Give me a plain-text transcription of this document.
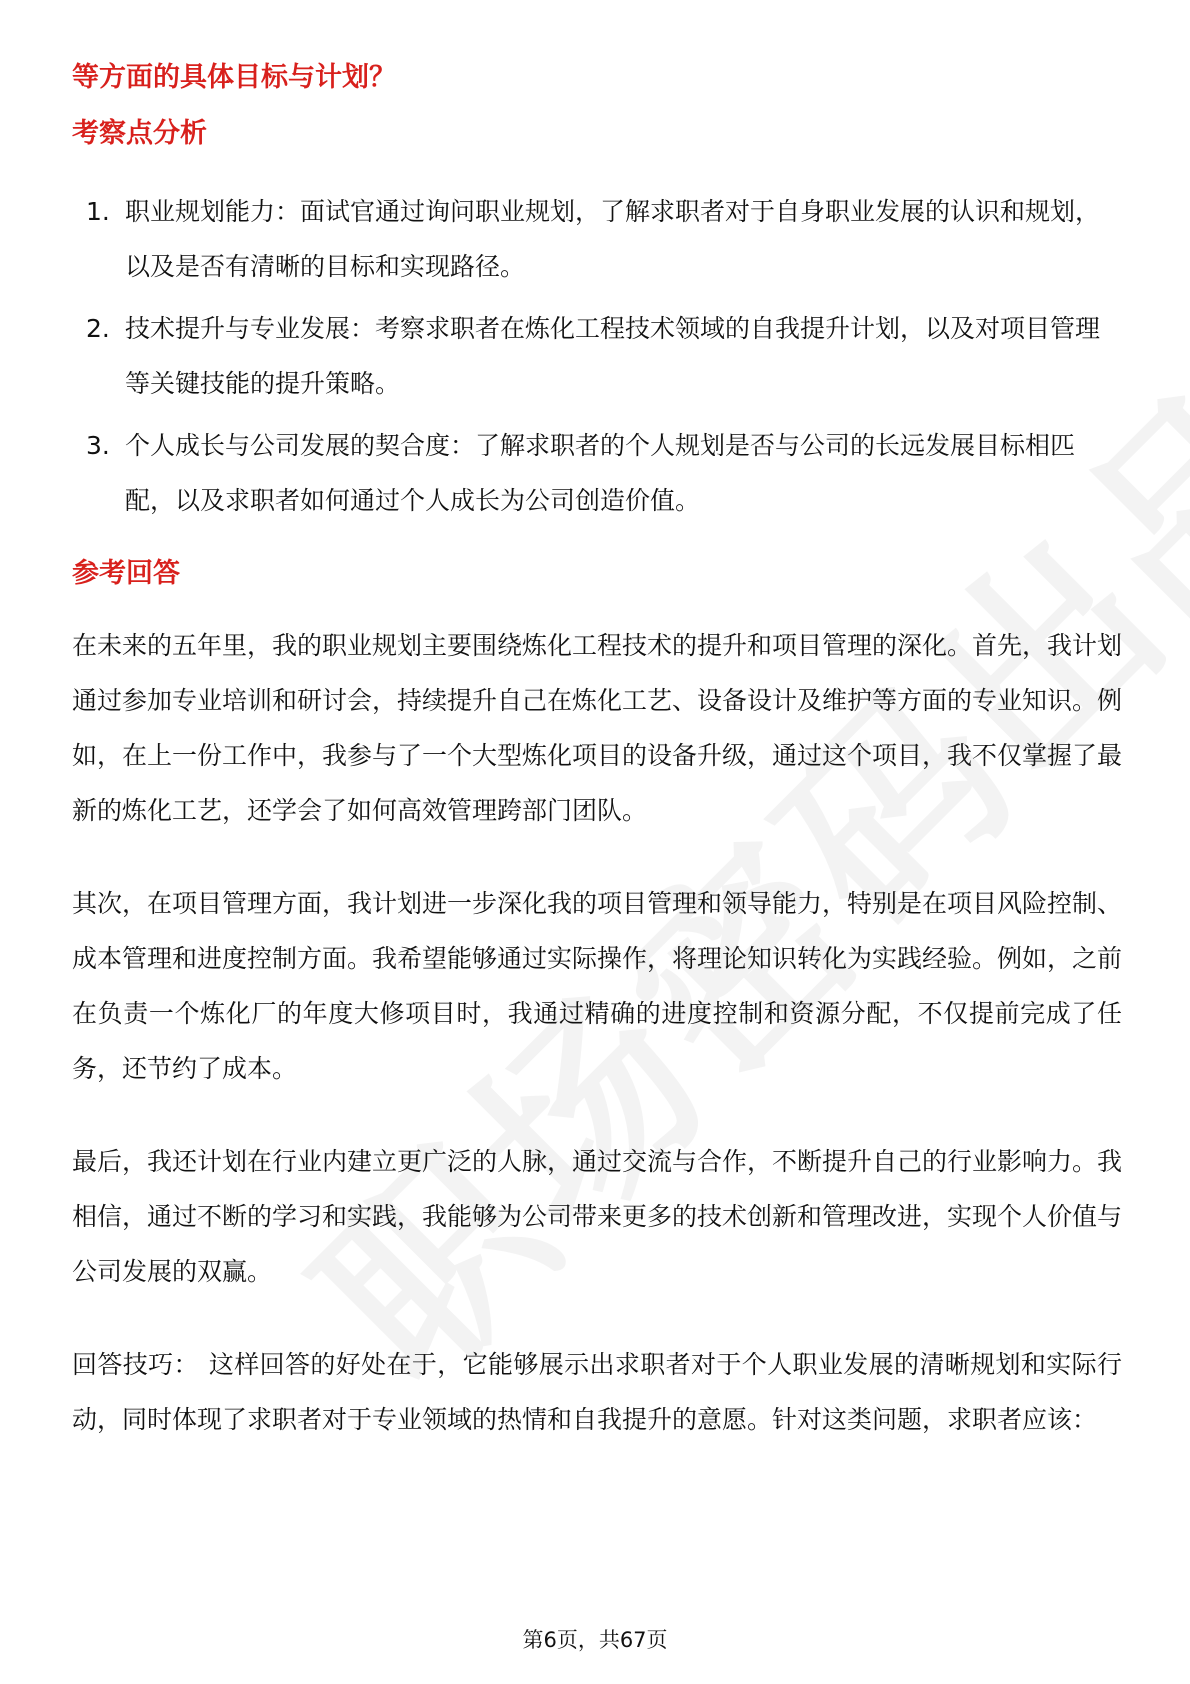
等方面的具体目标与计划？
考察点分析
1. 职业规划能力：面试官通过询问职业规划，了解求职者对于自身职业发展的认识和规划，以及是否有清晰的目标和实现路径。
2. 技术提升与专业发展：考察求职者在炼化工程技术领域的自我提升计划，以及对项目管理等关键技能的提升策略。
3. 个人成长与公司发展的契合度：了解求职者的个人规划是否与公司的长远发展目标相匹配，以及求职者如何通过个人成长为公司创造价值。
参考回答

在未来的五年里，我的职业规划主要围绕炼化工程技术的提升和项目管理的深化。首先，我计划通过参加专业培训和研讨会，持续提升自己在炼化工艺、设备设计及维护等方面的专业知识。例如，在上一份工作中，我参与了一个大型炼化项目的设备升级，通过这个项目，我不仅掌握了最新的炼化工艺，还学会了如何高效管理跨部门团队。

其次，在项目管理方面，我计划进一步深化我的项目管理和领导能力，特别是在项目风险控制、成本管理和进度控制方面。我希望能够通过实际操作，将理论知识转化为实践经验。例如，之前在负责一个炼化厂的年度大修项目时，我通过精确的进度控制和资源分配，不仅提前完成了任务，还节约了成本。

最后，我还计划在行业内建立更广泛的人脉，通过交流与合作，不断提升自己的行业影响力。我相信，通过不断的学习和实践，我能够为公司带来更多的技术创新和管理改进，实现个人价值与公司发展的双赢。

回答技巧： 这样回答的好处在于，它能够展示出求职者对于个人职业发展的清晰规划和实际行动，同时体现了求职者对于专业领域的热情和自我提升的意愿。针对这类问题，求职者应该：

第6页，共67页
